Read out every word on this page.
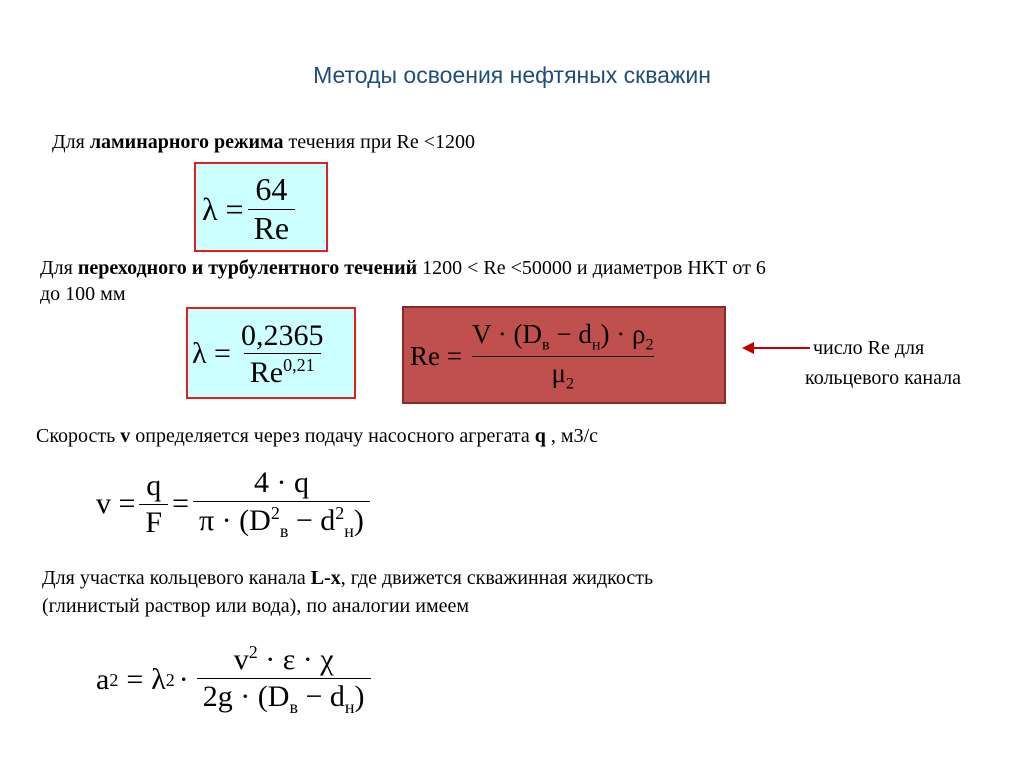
Методы освоения нефтяных скважин
Для ламинарного режима течения при Re <1200
$\lambda = \frac{64}{Re}$
Для переходного и турбулентного течений 1200 ˂ Re <50000 и диаметров НКТ от 6
до 100 мм
$\lambda = \frac{0,2365}{Re^{0,21}}$	$Re = \frac{V \cdot (D_в - d_н) \cdot \rho_2}{\mu_2}$	число Re для
кольцевого канала
Скорость v определяется через подачу насосного агрегата q , м3/с
$v = \frac{q}{F} = \frac{4 \cdot q}{\pi \cdot (D^2_в - d^2_н)}$
Для участка кольцевого канала L-x, где движется скважинная жидкость
(глинистый раствор или вода), по аналогии имеем
a 2 = λ $2 \cdot \frac{v^2 \cdot \varepsilon \cdot \chi}{2g \cdot (D_в - d_н)}$
